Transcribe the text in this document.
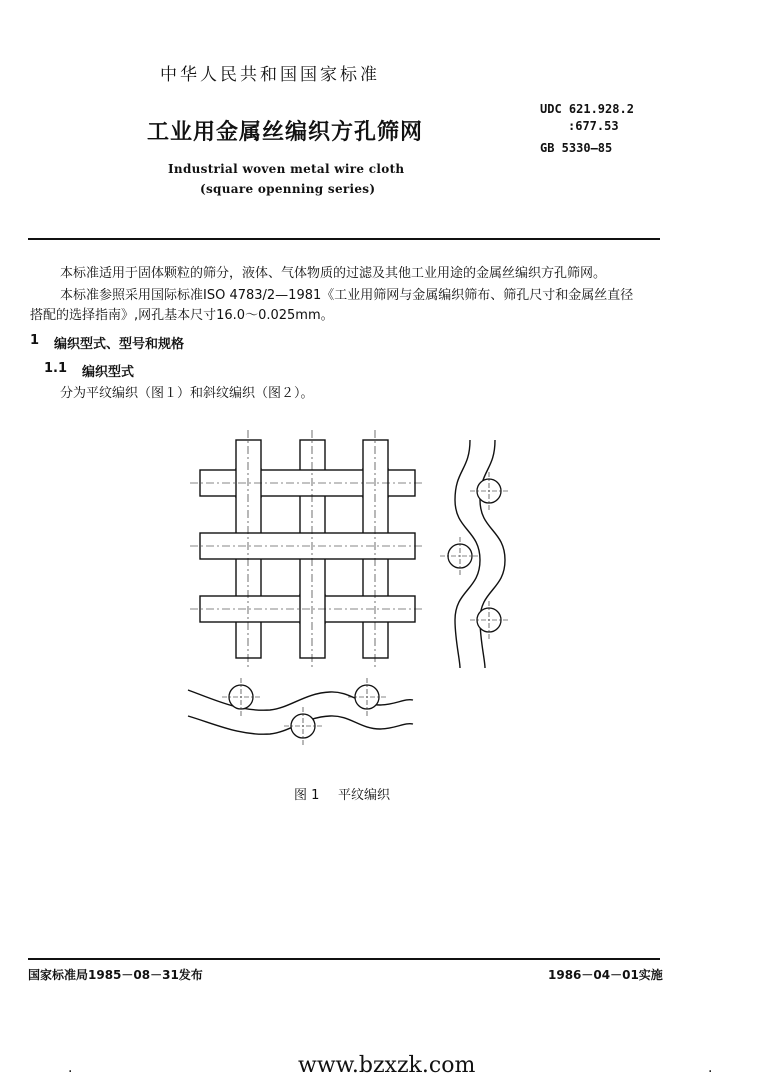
中华人民共和国国家标准
工业用金属丝编织方孔筛网
Industrial woven metal wire cloth
(square openning series)
UDC 621.928.2
:677.53
GB 5330—85
本标准适用于固体颗粒的筛分，液体、气体物质的过滤及其他工业用途的金属丝编织方孔筛网。
本标准参照采用国际标准ISO 4783/2—1981《工业用筛网与金属编织筛布、筛孔尺寸和金属丝直径
搭配的选择指南》,网孔基本尺寸16.0～0.025mm。
1 编织型式、型号和规格
1.1 编织型式
分为平纹编织（图１）和斜纹编织（图２）。
图 1 平纹编织
国家标准局1985－08－31发布	1986－04－01实施
.	www.bzxzk.com	.
